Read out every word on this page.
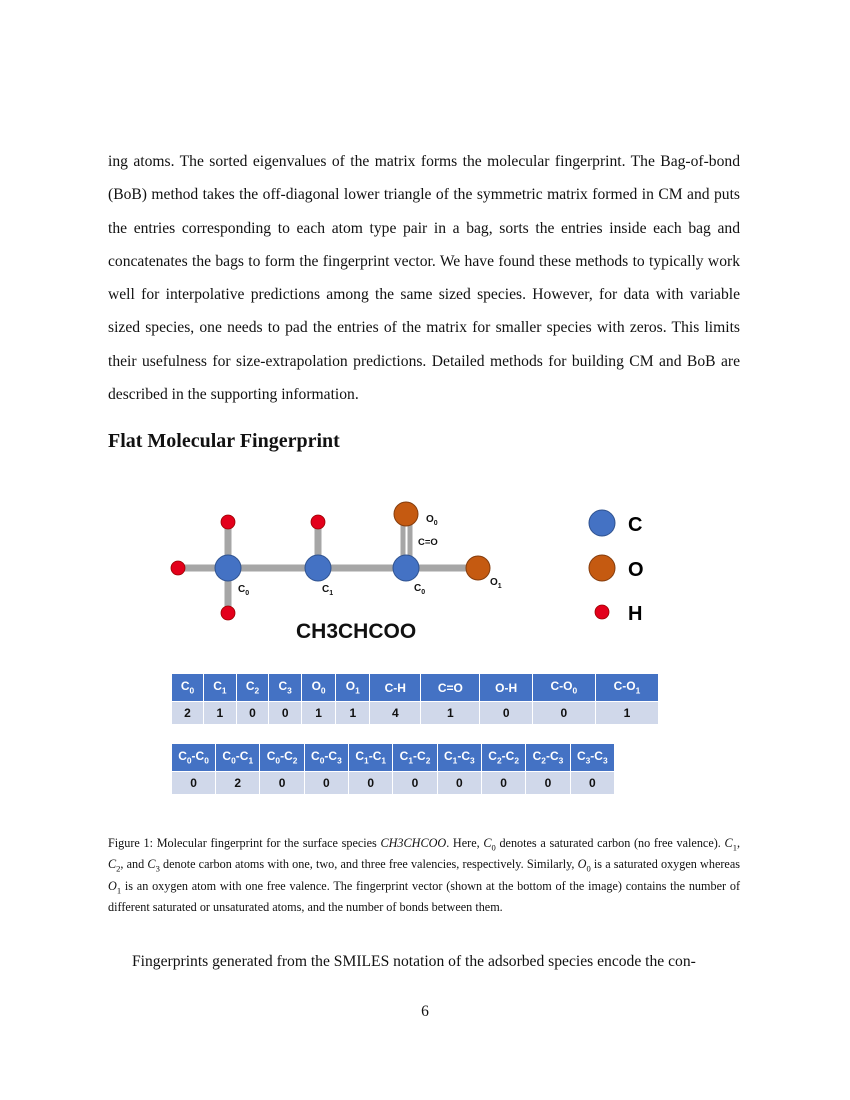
ing atoms. The sorted eigenvalues of the matrix forms the molecular fingerprint. The Bag-of-bond (BoB) method takes the off-diagonal lower triangle of the symmetric matrix formed in CM and puts the entries corresponding to each atom type pair in a bag, sorts the entries inside each bag and concatenates the bags to form the fingerprint vector. We have found these methods to typically work well for interpolative predictions among the same sized species. However, for data with variable sized species, one needs to pad the entries of the matrix for smaller species with zeros. This limits their usefulness for size-extrapolation predictions. Detailed methods for building CM and BoB are described in the supporting information.

Flat Molecular Fingerprint
$C_0$	$C_1$	$C_0$
$O_0$
$O_1$
C=O
CH3CHCOO
C
O
H
$C_0$	$C_1$	$C_2$	$C_3$	$O_0$	$O_1$	C-H	C=O	O-H	$C-O_0$	$C-O_1$
2	1	0	0	1	1	4	1	0	0	1
$C_0-C_0$	$C_0-C_1$	$C_0-C_2$	$C_0-C_3$	$C_1-C_1$	$C_1-C_2$	$C_1-C_3$	$C_2-C_2$	$C_2-C_3$	$C_3-C_3$
0	2	0	0	0	0	0	0	0	0

Figure 1: Molecular fingerprint for the surface species CH3CHCOO. Here, $C_0$ denotes a saturated carbon (no free valence). $C_1$, $C_2$, and $C_3$ denote carbon atoms with one, two, and three free valencies, respectively. Similarly, $O_0$ is a saturated oxygen whereas $O_1$ is an oxygen atom with one free valence. The fingerprint vector (shown at the bottom of the image) contains the number of different saturated or unsaturated atoms, and the number of bonds between them.

Fingerprints generated from the SMILES notation of the adsorbed species encode the con-

6
